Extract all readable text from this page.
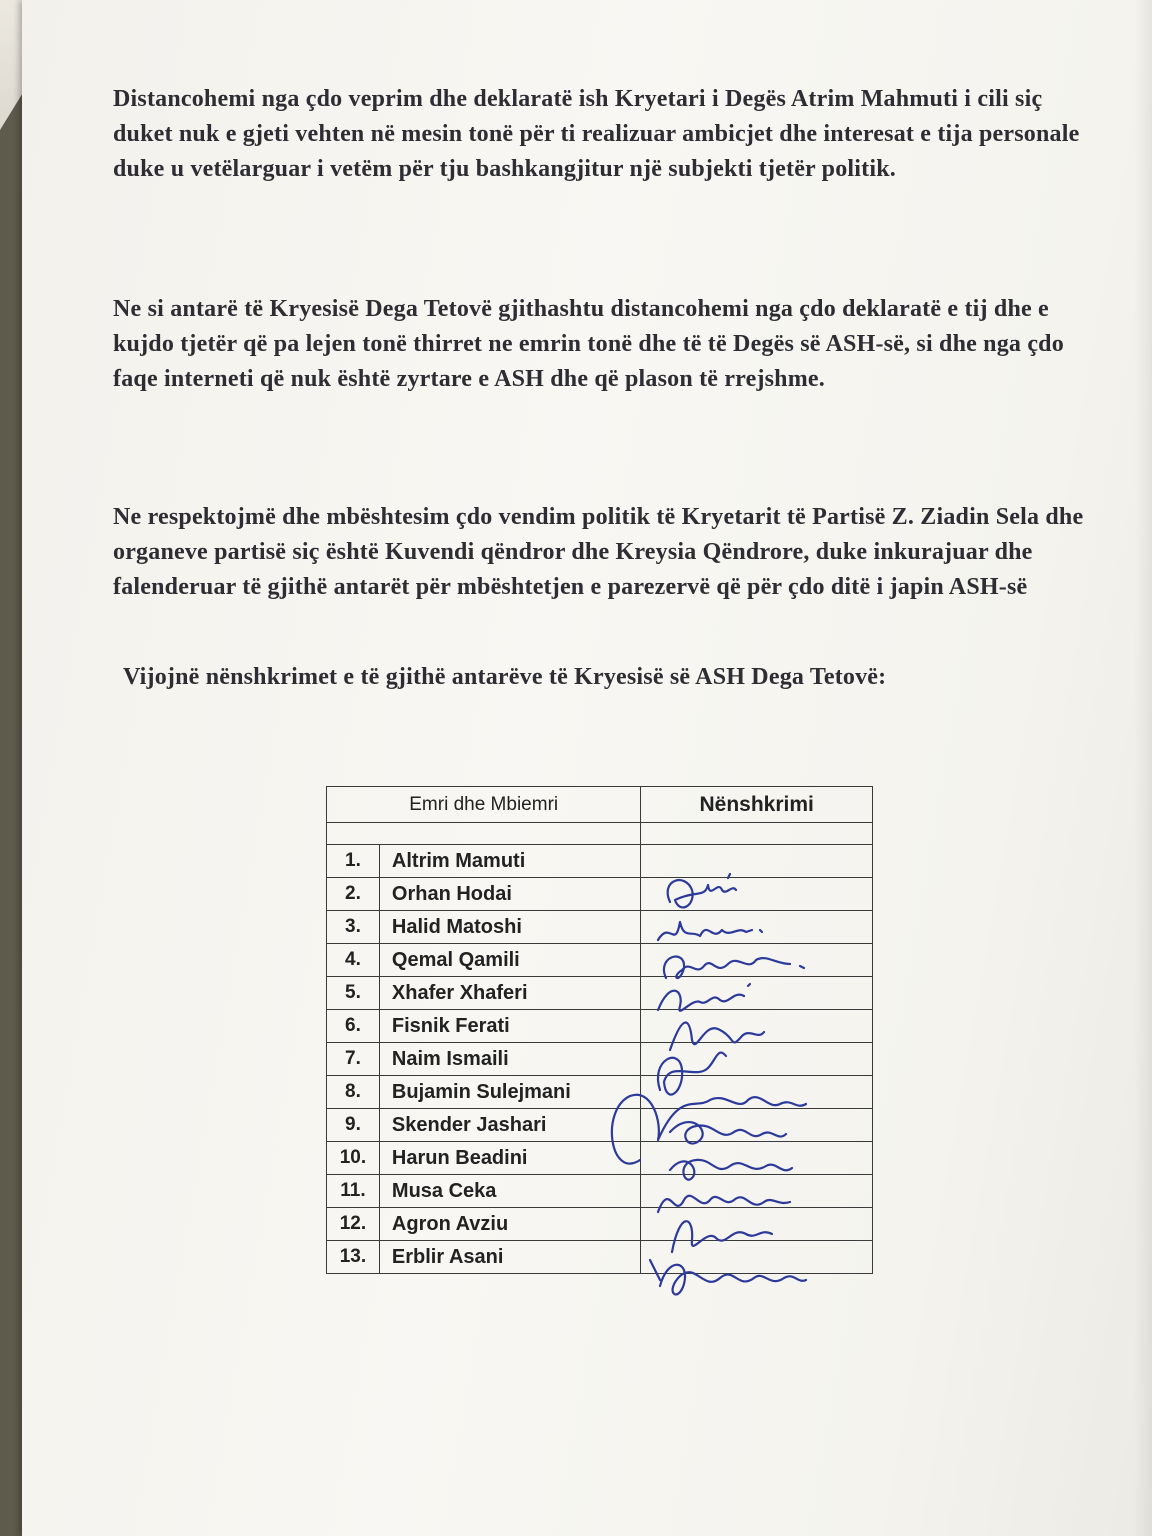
Distancohemi nga çdo veprim dhe deklaratë ish Kryetari i Degës Atrim Mahmuti i cili siç duket nuk e gjeti vehten në mesin tonë për ti realizuar ambicjet dhe interesat e tija personale duke u vetëlarguar i vetëm për tju bashkangjitur një subjekti tjetër politik.

Ne si antarë të Kryesisë Dega Tetovë gjithashtu distancohemi nga çdo deklaratë e tij dhe e kujdo tjetër që pa lejen tonë thirret ne emrin tonë dhe të të Degës së ASH-së, si dhe nga çdo faqe interneti që nuk është zyrtare e ASH dhe që plason të rrejshme.

Ne respektojmë dhe mbështesim çdo vendim politik të Kryetarit të Partisë Z. Ziadin Sela dhe organeve partisë siç është Kuvendi qëndror dhe Kreysia Qëndrore, duke inkurajuar dhe falenderuar të gjithë antarët për mbështetjen e parezervë që për çdo ditë i japin ASH-së

Vijojnë nënshkrimet e të gjithë antarëve të Kryesisë së ASH Dega Tetovë:

Emri dhe Mbiemri		Nënshkrimi

1.	Altrim Mamuti	
2.	Orhan Hodai	
3.	Halid Matoshi	
4.	Qemal Qamili	
5.	Xhafer Xhaferi	
6.	Fisnik Ferati	
7.	Naim Ismaili	
8.	Bujamin Sulejmani	
9.	Skender Jashari	
10.	Harun Beadini	
11.	Musa Ceka	
12.	Agron Avziu	
13.	Erblir Asani	
